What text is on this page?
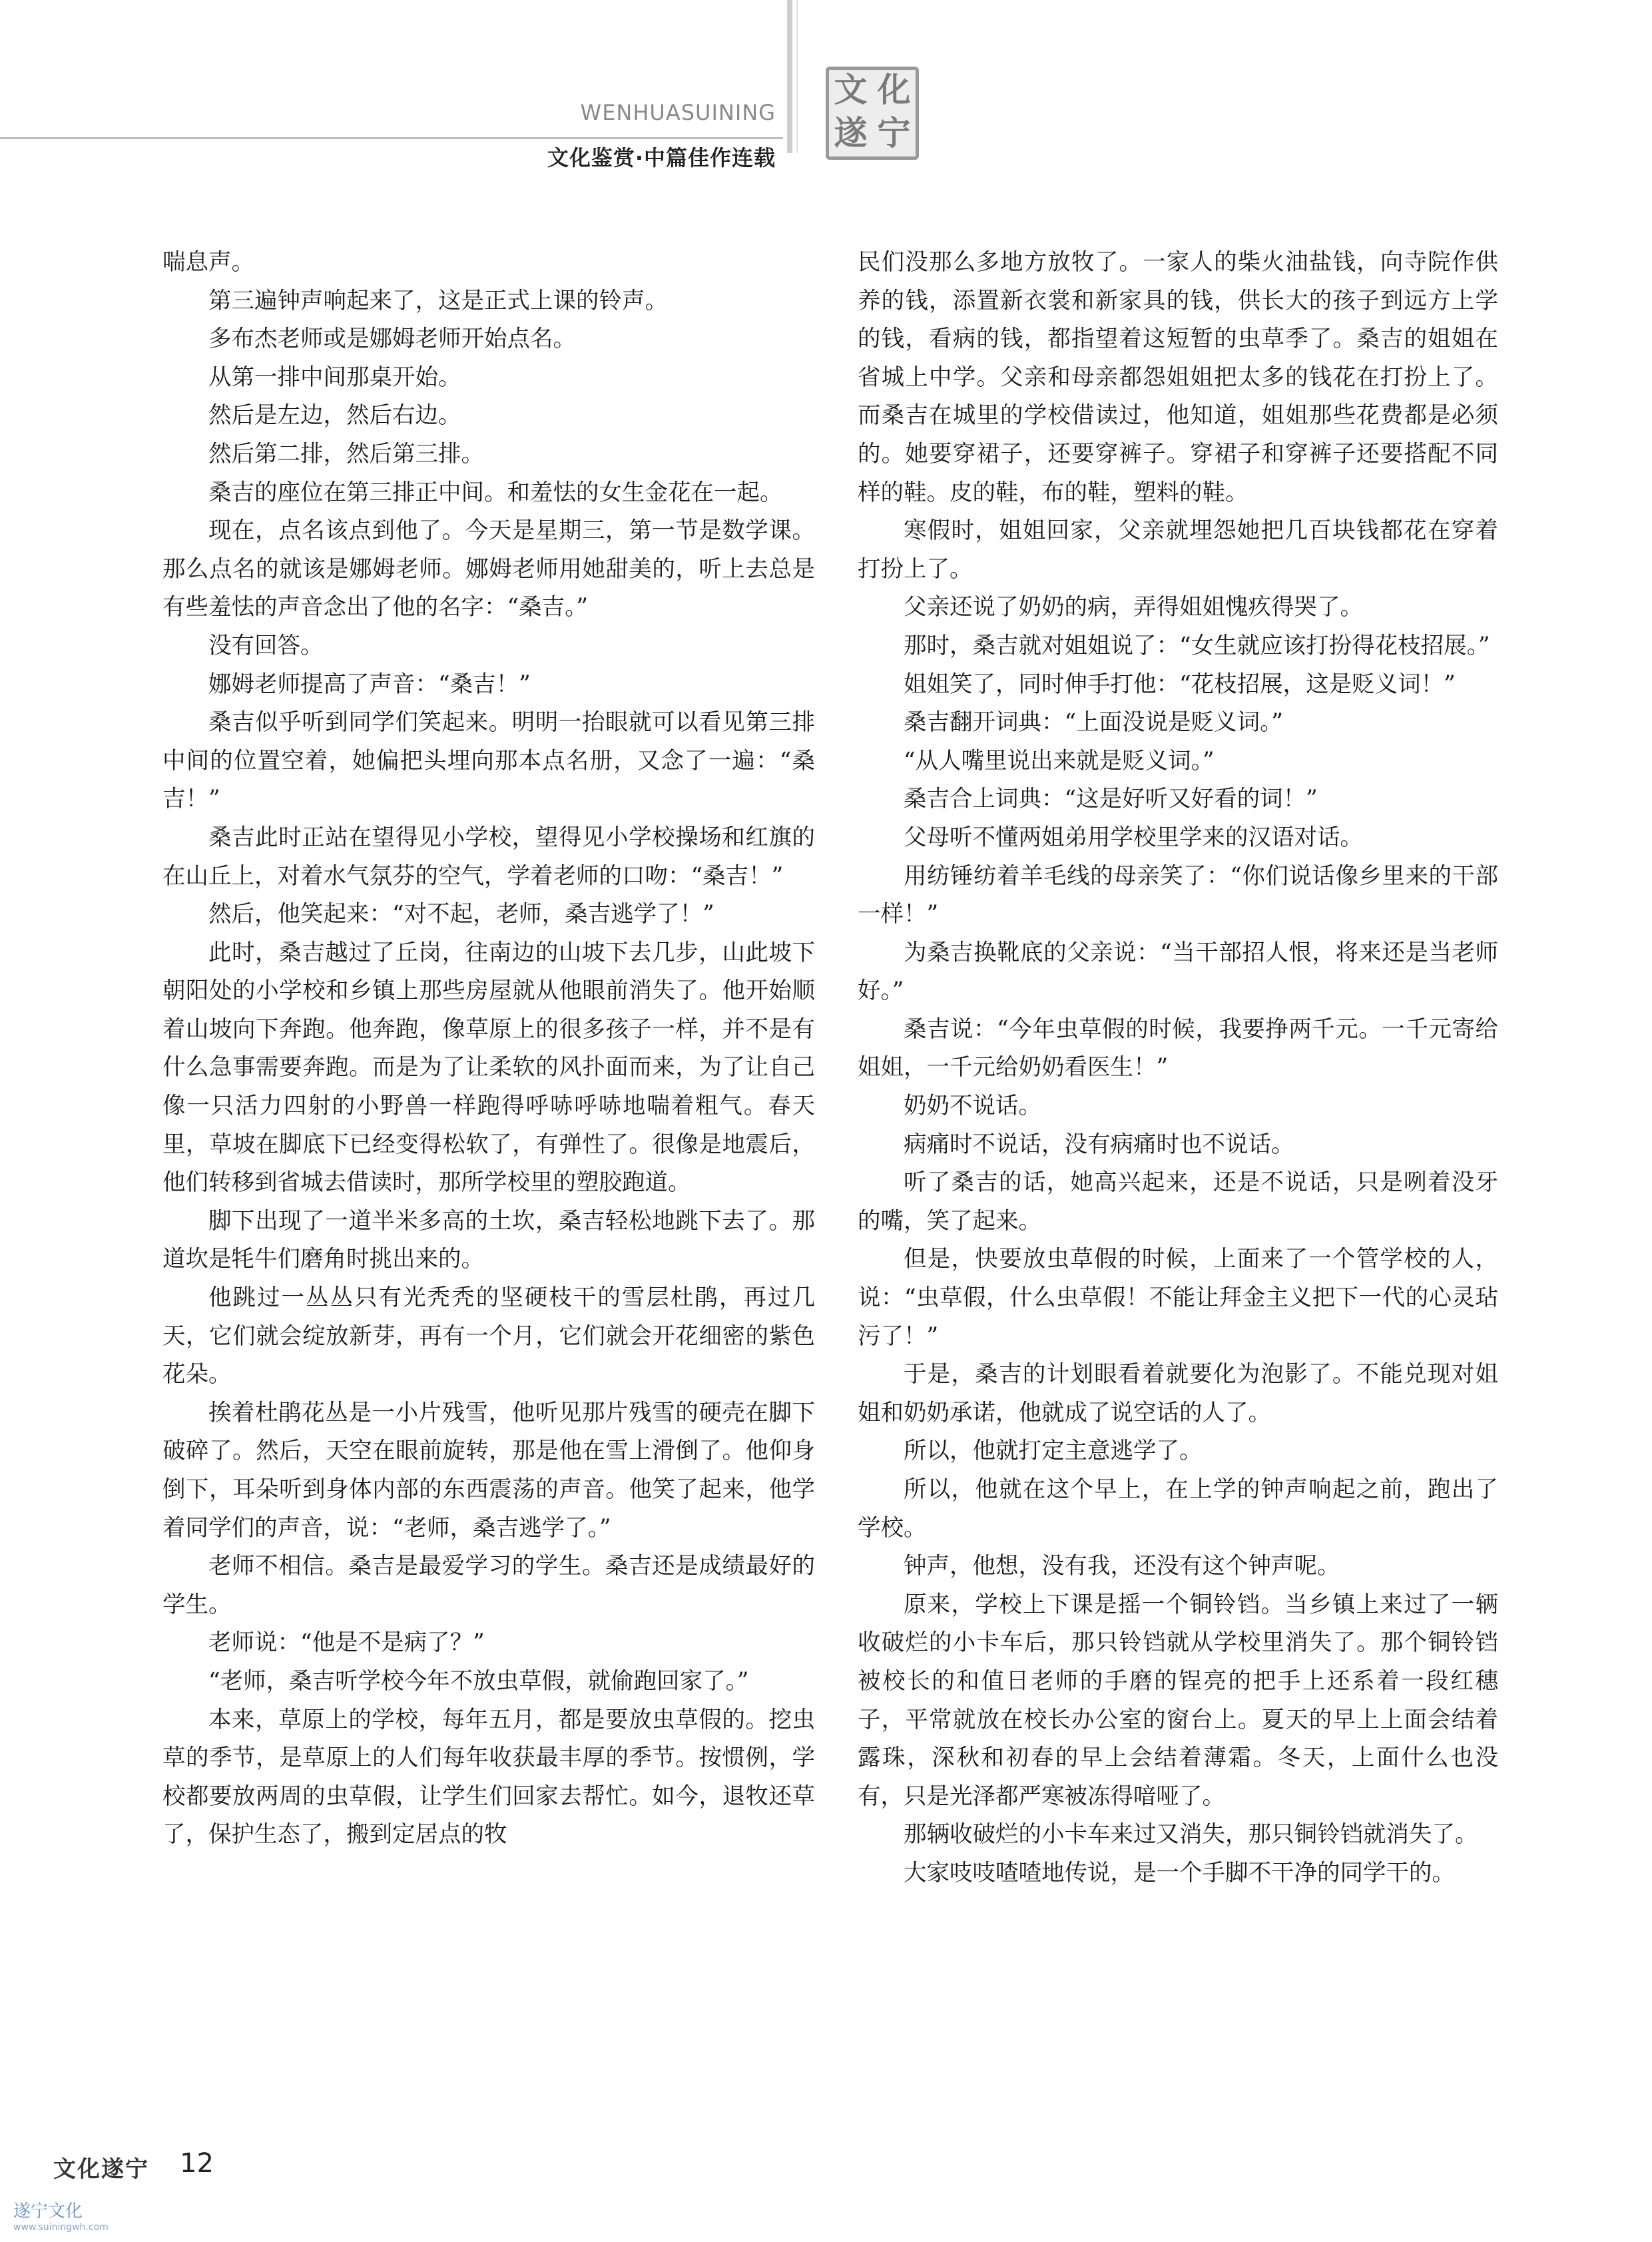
WENHUASUINING
文化鉴赏·中篇佳作连载
文 化
遂 宁

喘息声。

第三遍钟声响起来了，这是正式上课的铃声。

多布杰老师或是娜姆老师开始点名。

从第一排中间那桌开始。

然后是左边，然后右边。

然后第二排，然后第三排。

桑吉的座位在第三排正中间。和羞怯的女生金花在一起。

现在，点名该点到他了。今天是星期三，第一节是数学课。那么点名的就该是娜姆老师。娜姆老师用她甜美的，听上去总是有些羞怯的声音念出了他的名字：“桑吉。”

没有回答。

娜姆老师提高了声音：“桑吉！”

桑吉似乎听到同学们笑起来。明明一抬眼就可以看见第三排中间的位置空着，她偏把头埋向那本点名册，又念了一遍：“桑吉！”

桑吉此时正站在望得见小学校，望得见小学校操场和红旗的在山丘上，对着水气氛芬的空气，学着老师的口吻：“桑吉！”

然后，他笑起来：“对不起，老师，桑吉逃学了！”

此时，桑吉越过了丘岗，往南边的山坡下去几步，山此坡下朝阳处的小学校和乡镇上那些房屋就从他眼前消失了。他开始顺着山坡向下奔跑。他奔跑，像草原上的很多孩子一样，并不是有什么急事需要奔跑。而是为了让柔软的风扑面而来，为了让自己像一只活力四射的小野兽一样跑得呼哧呼哧地喘着粗气。春天里，草坡在脚底下已经变得松软了，有弹性了。很像是地震后，他们转移到省城去借读时，那所学校里的塑胶跑道。

脚下出现了一道半米多高的土坎，桑吉轻松地跳下去了。那道坎是牦牛们磨角时挑出来的。

他跳过一丛丛只有光秃秃的坚硬枝干的雪层杜鹃，再过几天，它们就会绽放新芽，再有一个月，它们就会开花细密的紫色花朵。

挨着杜鹃花丛是一小片残雪，他听见那片残雪的硬壳在脚下破碎了。然后，天空在眼前旋转，那是他在雪上滑倒了。他仰身倒下，耳朵听到身体内部的东西震荡的声音。他笑了起来，他学着同学们的声音，说：“老师，桑吉逃学了。”

老师不相信。桑吉是最爱学习的学生。桑吉还是成绩最好的学生。

老师说：“他是不是病了？”

“老师，桑吉听学校今年不放虫草假，就偷跑回家了。”

本来，草原上的学校，每年五月，都是要放虫草假的。挖虫草的季节，是草原上的人们每年收获最丰厚的季节。按惯例，学校都要放两周的虫草假，让学生们回家去帮忙。如今，退牧还草了，保护生态了，搬到定居点的牧

民们没那么多地方放牧了。一家人的柴火油盐钱，向寺院作供养的钱，添置新衣裳和新家具的钱，供长大的孩子到远方上学的钱，看病的钱，都指望着这短暂的虫草季了。桑吉的姐姐在省城上中学。父亲和母亲都怨姐姐把太多的钱花在打扮上了。而桑吉在城里的学校借读过，他知道，姐姐那些花费都是必须的。她要穿裙子，还要穿裤子。穿裙子和穿裤子还要搭配不同样的鞋。皮的鞋，布的鞋，塑料的鞋。

寒假时，姐姐回家，父亲就埋怨她把几百块钱都花在穿着打扮上了。

父亲还说了奶奶的病，弄得姐姐愧疚得哭了。

那时，桑吉就对姐姐说了：“女生就应该打扮得花枝招展。”

姐姐笑了，同时伸手打他：“花枝招展，这是贬义词！”

桑吉翻开词典：“上面没说是贬义词。”

“从人嘴里说出来就是贬义词。”

桑吉合上词典：“这是好听又好看的词！”

父母听不懂两姐弟用学校里学来的汉语对话。

用纺锤纺着羊毛线的母亲笑了：“你们说话像乡里来的干部一样！”

为桑吉换靴底的父亲说：“当干部招人恨，将来还是当老师好。”

桑吉说：“今年虫草假的时候，我要挣两千元。一千元寄给姐姐，一千元给奶奶看医生！”

奶奶不说话。

病痛时不说话，没有病痛时也不说话。

听了桑吉的话，她高兴起来，还是不说话，只是咧着没牙的嘴，笑了起来。

但是，快要放虫草假的时候，上面来了一个管学校的人，说：“虫草假，什么虫草假！不能让拜金主义把下一代的心灵玷污了！”

于是，桑吉的计划眼看着就要化为泡影了。不能兑现对姐姐和奶奶承诺，他就成了说空话的人了。

所以，他就打定主意逃学了。

所以，他就在这个早上，在上学的钟声响起之前，跑出了学校。

钟声，他想，没有我，还没有这个钟声呢。

原来，学校上下课是摇一个铜铃铛。当乡镇上来过了一辆收破烂的小卡车后，那只铃铛就从学校里消失了。那个铜铃铛被校长的和值日老师的手磨的锃亮的把手上还系着一段红穗子，平常就放在校长办公室的窗台上。夏天的早上上面会结着露珠，深秋和初春的早上会结着薄霜。冬天，上面什么也没有，只是光泽都严寒被冻得喑哑了。

那辆收破烂的小卡车来过又消失，那只铜铃铛就消失了。

大家吱吱喳喳地传说，是一个手脚不干净的同学干的。

文化遂宁 12
遂宁文化
www.suiningwh.com
